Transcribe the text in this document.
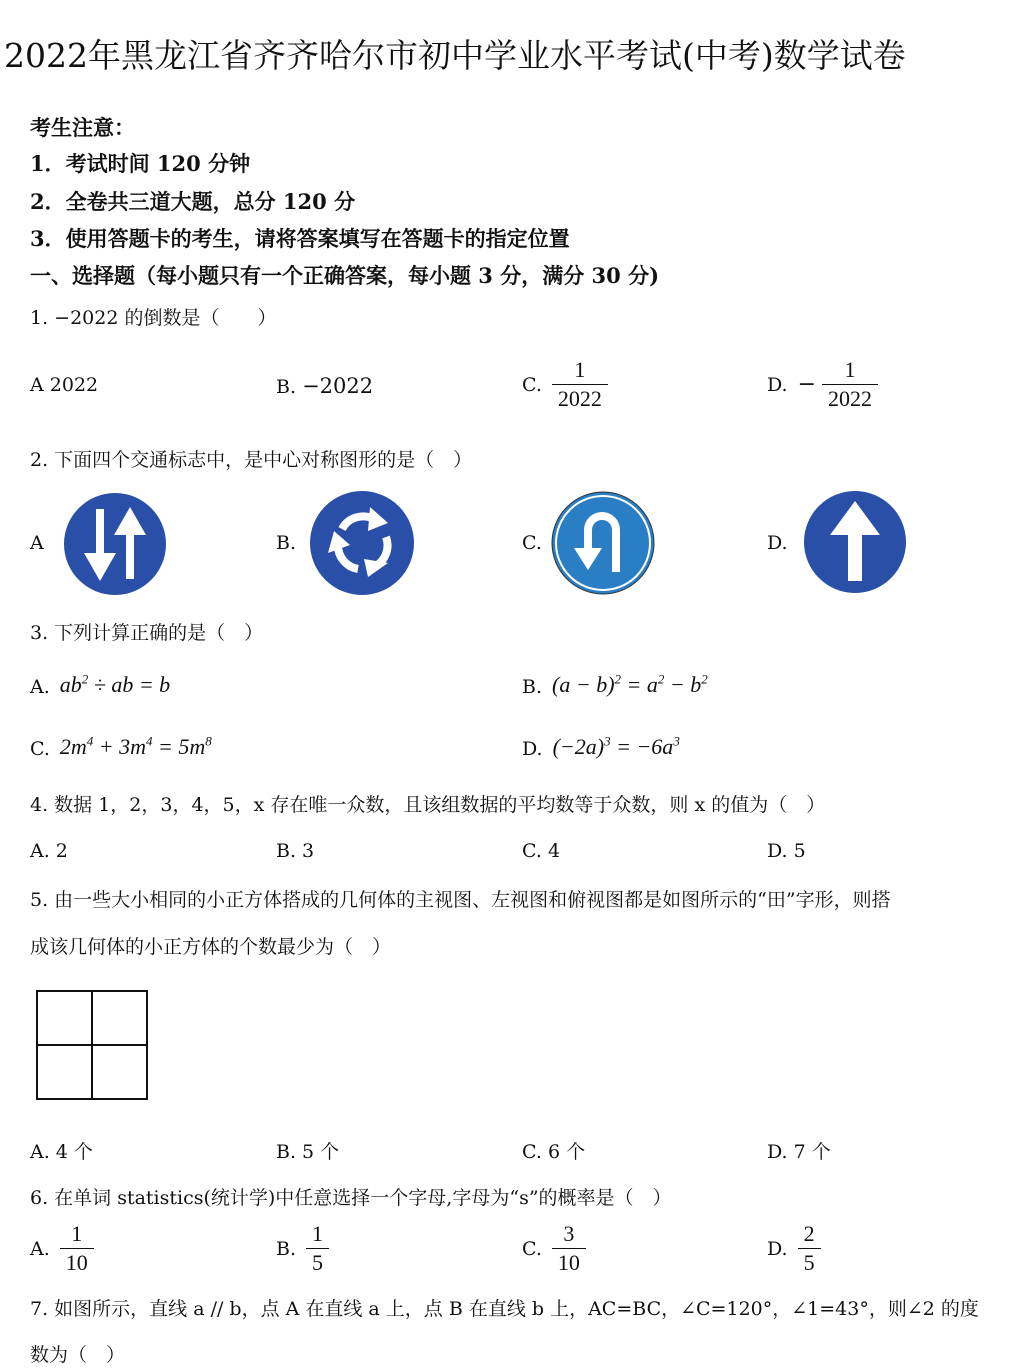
2022年黑龙江省齐齐哈尔市初中学业水平考试(中考)数学试卷
考生注意：
1．考试时间 120 分钟
2．全卷共三道大题，总分 120 分
3．使用答题卡的考生，请将答案填写在答题卡的指定位置
一、选择题（每小题只有一个正确答案，每小题 3 分，满分 30 分)
1. −2022 的倒数是（　　）
A 2022	B. −2022	C. $\frac{1}{2022}$	D. − $\frac{1}{2022}$
2. 下面四个交通标志中，是中心对称图形的是（　）
A	B.	C.	D.
3. 下列计算正确的是（　）
A. $ab^2$ ÷ ab = b	B. $(a - b)^2 = a^2 - b^2$
C. $2m^4 + 3m^4 = 5m^8$	D. $(-2a)^3 = -6a^3$
4. 数据 1，2，3，4，5，x 存在唯一众数，且该组数据的平均数等于众数，则 x 的值为（　）
A. 2	B. 3	C. 4	D. 5
5. 由一些大小相同的小正方体搭成的几何体的主视图、左视图和俯视图都是如图所示的“田”字形，则搭
成该几何体的小正方体的个数最少为（　）
A. 4 个	B. 5 个	C. 6 个	D. 7 个
6. 在单词 statistics(统计学)中任意选择一个字母,字母为“s”的概率是（　）
A. $\frac{1}{10}$	B. $\frac{1}{5}$	C. $\frac{3}{10}$	D. $\frac{2}{5}$
7. 如图所示，直线 a // b，点 A 在直线 a 上，点 B 在直线 b 上，AC=BC，∠C=120°，∠1=43°，则∠2 的度
数为（　）
